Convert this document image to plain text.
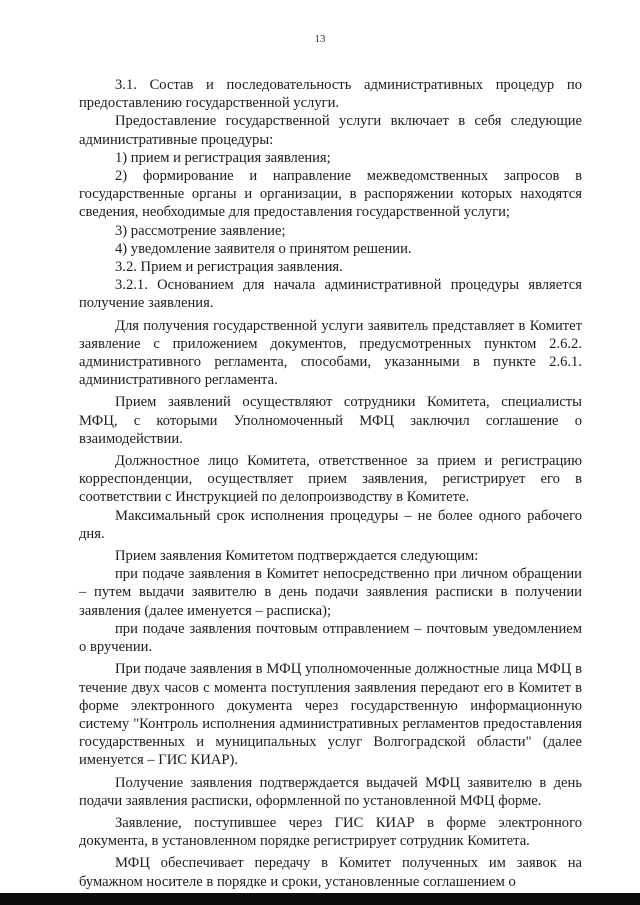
13

3.1. Состав и последовательность административных процедур по предоставлению государственной услуги.

Предоставление государственной услуги включает в себя следующие административные процедуры:

1) прием и регистрация заявления;

2) формирование и направление межведомственных запросов в государственные органы и организации, в распоряжении которых находятся сведения, необходимые для предоставления государственной услуги;

3) рассмотрение заявление;

4) уведомление заявителя о принятом решении.

3.2. Прием и регистрация заявления.

3.2.1. Основанием для начала административной процедуры является получение заявления.

Для получения государственной услуги заявитель представляет в Комитет заявление с приложением документов, предусмотренных пунктом 2.6.2. административного регламента, способами, указанными в пункте 2.6.1. административного регламента.

Прием заявлений осуществляют сотрудники Комитета, специалисты МФЦ, с которыми Уполномоченный МФЦ заключил соглашение о взаимодействии.

Должностное лицо Комитета, ответственное за прием и регистрацию корреспонденции, осуществляет прием заявления, регистрирует его в соответствии с Инструкцией по делопроизводству в Комитете.

Максимальный срок исполнения процедуры – не более одного рабочего дня.

Прием заявления Комитетом подтверждается следующим:

при подаче заявления в Комитет непосредственно при личном обращении – путем выдачи заявителю в день подачи заявления расписки в получении заявления (далее именуется – расписка);

при подаче заявления почтовым отправлением – почтовым уведомлением о вручении.

При подаче заявления в МФЦ уполномоченные должностные лица МФЦ в течение двух часов с момента поступления заявления передают его в Комитет в форме электронного документа через государственную информационную систему "Контроль исполнения административных регламентов предоставления государственных и муниципальных услуг Волгоградской области" (далее именуется – ГИС КИАР).

Получение заявления подтверждается выдачей МФЦ заявителю в день подачи заявления расписки, оформленной по установленной МФЦ форме.

Заявление, поступившее через ГИС КИАР в форме электронного документа, в установленном порядке регистрирует сотрудник Комитета.

МФЦ обеспечивает передачу в Комитет полученных им заявок на бумажном носителе в порядке и сроки, установленные соглашением о
